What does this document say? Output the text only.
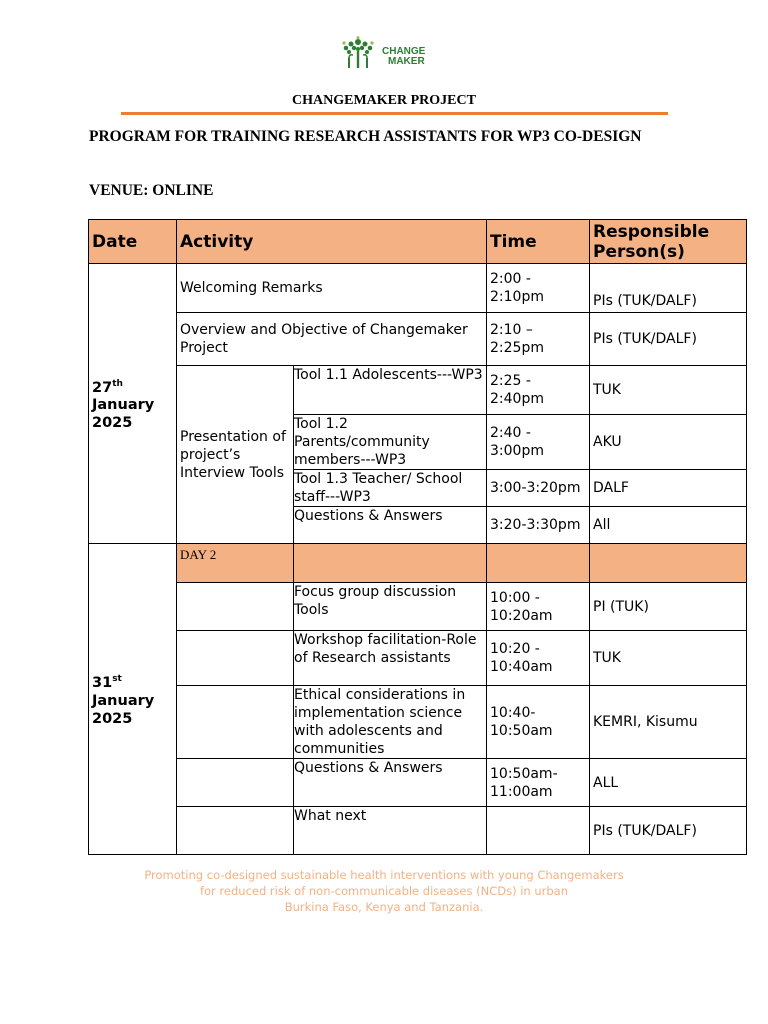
CHANGE
MAKER
CHANGEMAKER PROJECT
PROGRAM FOR TRAINING RESEARCH ASSISTANTS FOR WP3 CO-DESIGN
VENUE: ONLINE
Date	Activity		Time	Responsible Person(s)
27th
January
2025	Welcoming Remarks		2:00 - 2:10pm	PIs (TUK/DALF)
	Overview and Objective of Changemaker Project		2:10 – 2:25pm	PIs (TUK/DALF)
	Presentation of project’s Interview Tools	Tool 1.1 Adolescents---WP3	2:25 - 2:40pm	TUK
		Tool 1.2 Parents/community members---WP3	2:40 - 3:00pm	AKU
		Tool 1.3 Teacher/ School staff---WP3	3:00-3:20pm	DALF
		Questions & Answers	3:20-3:30pm	All
31st
January
2025	DAY 2			
		Focus group discussion Tools	10:00 - 10:20am	PI (TUK)
		Workshop facilitation-Role of Research assistants	10:20 - 10:40am	TUK
		Ethical considerations in implementation science with adolescents and communities	10:40-10:50am	KEMRI, Kisumu
		Questions & Answers	10:50am-11:00am	ALL
		What next		PIs (TUK/DALF)
Promoting co-designed sustainable health interventions with young Changemakers
for reduced risk of non-communicable diseases (NCDs) in urban
Burkina Faso, Kenya and Tanzania.
